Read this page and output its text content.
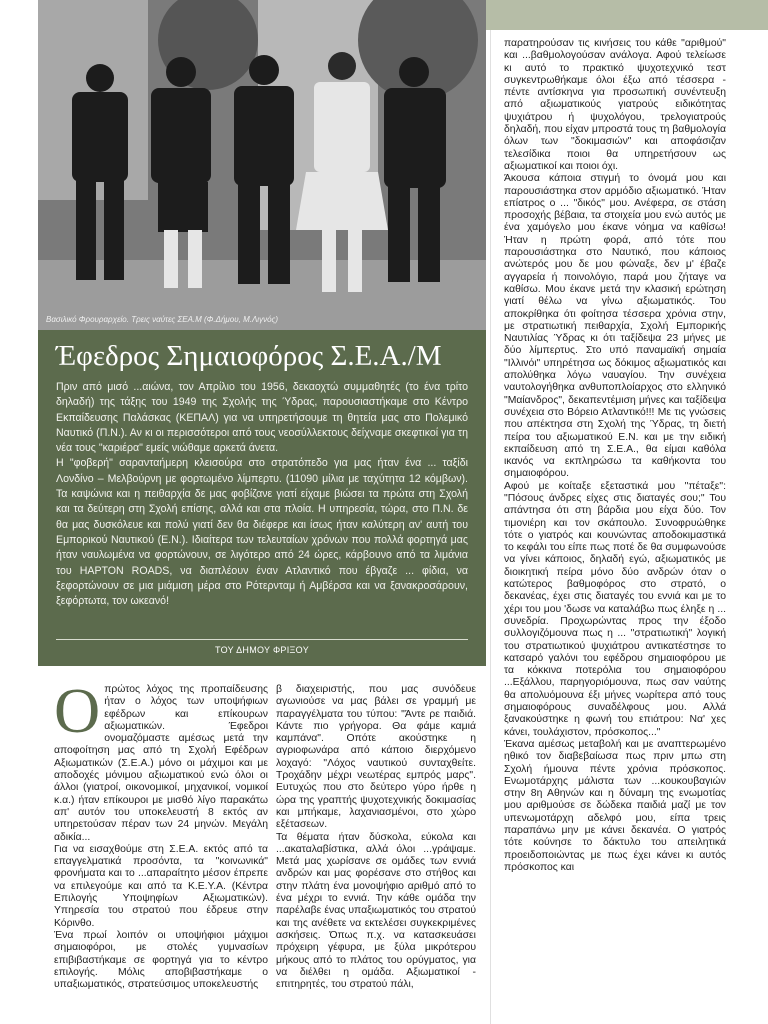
Βασιλικό Φρουραρχείο. Τρεις ναύτες ΣΕΑ.Μ (Φ.Δήμου, Μ.Λιγνός)
Έφεδρος Σημαιοφόρος Σ.Ε.Α./Μ

Πριν από μισό ...αιώνα, τον Απρίλιο του 1956, δεκαοχτώ συμμαθητές (το ένα τρίτο δηλαδή) της τάξης του 1949 της Σχολής της Ύδρας, παρουσιαστήκαμε στο Κέντρο Εκπαίδευσης Παλάσκας (ΚΕΠΑΛ) για να υπηρετήσουμε τη θητεία μας στο Πολεμικό Ναυτικό (Π.Ν.). Αν κι οι περισσότεροι από τους νεοσύλλεκτους δείχναμε σκεφτικοί για τη νέα τους "καριέρα" εμείς νιώθαμε αρκετά άνετα.

Η "φοβερή" σαρανταήμερη κλεισούρα στο στρατόπεδο για μας ήταν ένα ... ταξίδι Λονδίνο – Μελβούρνη με φορτωμένο λίμπερτυ. (11090 μίλια με ταχύτητα 12 κόμβων). Τα καψώνια και η πειθαρχία δε μας φοβίζανε γιατί είχαμε βιώσει τα πρώτα στη Σχολή και τα δεύτερη στη Σχολή επίσης, αλλά και στα πλοία. Η υπηρεσία, τώρα, στο Π.Ν. δε θα μας δυσκόλευε και πολύ γιατί δεν θα διέφερε και ίσως ήταν καλύτερη αν' αυτή του Εμπορικού Ναυτικού (Ε.Ν.). Ιδιαίτερα των τελευταίων χρόνων που πολλά φορτηγά μας ήταν ναυλωμένα να φορτώνουν, σε λιγότερο από 24 ώρες, κάρβουνο από τα λιμάνια του HAPTON ROADS, να διαπλέουν έναν Ατλαντικό που έβγαζε ... φίδια, να ξεφορτώνουν σε μια μιάμιση μέρα στο Ρότερνταμ ή Αμβέρσα και να ξανακροσάρουν, ξεφόρτωτα, τον ωκεανό!

ΤΟΥ ΔΗΜΟΥ ΦΡΙΞΟΥ
Ο πρώτος λόχος της προπαίδευσης ήταν ο λόχος των υποψήφιων εφέδρων και επίκουρων αξιωματικών. Έφεδροι ονομαζόμαστε αμέσως μετά την αποφοίτηση μας από τη Σχολή Εφέδρων Αξιωματικών (Σ.Ε.Α.) μόνο οι μάχιμοι και με αποδοχές μόνιμου αξιωματικού ενώ όλοι οι άλλοι (γιατροί, οικονομικοί, μηχανικοί, νομικοί κ.α.) ήταν επίκουροι με μισθό λίγο παρακάτω απ' αυτόν του υποκελευστή 8 εκτός αν υπηρετούσαν πέραν των 24 μηνών. Μεγάλη αδικία...

Για να εισαχθούμε στη Σ.Ε.Α. εκτός από τα επαγγελματικά προσόντα, τα "κοινωνικά" φρονήματα και το ...απαραίτητο μέσον έπρεπε να επιλεγούμε και από τα Κ.Ε.Υ.Α. (Κέντρα Επιλογής Υποψηφίων Αξιωματικών). Υπηρεσία του στρατού που έδρευε στην Κόρινθο.

Ένα πρωί λοιπόν οι υποψήφιοι μάχιμοι σημαιοφόροι, με στολές γυμνασίων επιβιβαστήκαμε σε φορτηγά για το κέντρο επιλογής. Μόλις αποβιβαστήκαμε ο υπαξιωματικός, στρατεύσιμος υποκελευστής

β διαχειριστής, που μας συνόδευε αγωνιούσε να μας βάλει σε γραμμή με παραγγέλματα του τύπου: "Άντε ρε παιδιά. Κάντε πιο γρήγορα. Θα φάμε καμιά καμπάνα". Οπότε ακούστηκε η αγριοφωνάρα από κάποιο διερχόμενο λοχαγό: "Λόχος ναυτικού συνταχθείτε. Τροχάδην μέχρι νεωτέρας εμπρός μαρς". Ευτυχώς που στο δεύτερο γύρο ήρθε η ώρα της γραπτής ψυχοτεχνικής δοκιμασίας και μπήκαμε, λαχανιασμένοι, στο χώρο εξέτασεων.

Τα θέματα ήταν δύσκολα, εύκολα και ...ακαταλαβίστικα, αλλά όλοι ...γράψαμε. Μετά μας χωρίσανε σε ομάδες των εννιά ανδρών και μας φορέσανε στο στήθος και στην πλάτη ένα μονοψήφιο αριθμό από το ένα μέχρι το εννιά. Την κάθε ομάδα την παρέλαβε ένας υπαξιωματικός του στρατού και της ανέθετε να εκτελέσει συγκεκριμένες ασκήσεις. Όπως π.χ. να κατασκευάσει πρόχειρη γέφυρα, με ξύλα μικρότερου μήκους από το πλάτος του ορύγματος, για να διέλθει η ομάδα. Αξιωματικοί - επιτηρητές, του στρατού πάλι,

παρατηρούσαν τις κινήσεις του κάθε "αριθμού" και ...βαθμολογούσαν ανάλογα. Αφού τελείωσε κι αυτό το πρακτικό ψυχοτεχνικό τεστ συγκεντρωθήκαμε όλοι έξω από τέσσερα - πέντε αντίσκηνα για προσωπική συνέντευξη από αξιωματικούς γιατρούς ειδικότητας ψυχιάτρου ή ψυχολόγου, τρελογιατρούς δηλαδή, που είχαν μπροστά τους τη βαθμολογία όλων των "δοκιμασιών" και αποφάσιζαν τελεσίδικα ποιοι θα υπηρετήσουν ως αξιωματικοί και ποιοι όχι.

Άκουσα κάποια στιγμή το όνομά μου και παρουσιάστηκα στον αρμόδιο αξιωματικό. Ήταν επίατρος ο ... "δικός" μου. Ανέφερα, σε στάση προσοχής βέβαια, τα στοιχεία μου ενώ αυτός με ένα χαμόγελο μου έκανε νόημα να καθίσω! Ήταν η πρώτη φορά, από τότε που παρουσιάστηκα στο Ναυτικό, που κάποιος ανώτερός μου δε μου φώναξε, δεν μ' έβαζε αγγαρεία ή ποινολόγιο, παρά μου ζήταγε να καθίσω. Μου έκανε μετά την κλασική ερώτηση γιατί θέλω να γίνω αξιωματικός. Του αποκρίθηκα ότι φοίτησα τέσσερα χρόνια στην, με στρατιωτική πειθαρχία, Σχολή Εμπορικής Ναυτιλίας Ύδρας κι ότι ταξίδεψα 23 μήνες με δύο λίμπερτυς. Στο υπό παναμαϊκή σημαία "Ιλλινόι" υπηρέτησα ως δόκιμος αξιωματικός και απολύθηκα λόγω ναυαγίου. Την συνέχεια ναυτολογήθηκα ανθυποπλοίαρχος στο ελληνικό "Μαίανδρος", δεκαπεντέμιση μήνες και ταξίδεψα συνέχεια στο Βόρειο Ατλαντικό!!! Με τις γνώσεις που απέκτησα στη Σχολή της Ύδρας, τη διετή πείρα του αξιωματικού Ε.Ν. και με την ειδική εκπαίδευση από τη Σ.Ε.Α., θα είμαι καθόλα ικανός να εκπληρώσω τα καθήκοντα του σημαιοφόρου.

Αφού με κοίταξε εξεταστικά μου "πέταξε": "Πόσους άνδρες είχες στις διαταγές σου;" Του απάντησα ότι στη βάρδια μου είχα δύο. Τον τιμονιέρη και τον σκάπουλο. Συνοφρυώθηκε τότε ο γιατρός και κουνώντας αποδοκιμαστικά το κεφάλι του είπε πως ποτέ δε θα συμφωνούσε να γίνει κάποιος, δηλαδή εγώ, αξιωματικός με διοικητική πείρα μόνο δύο ανδρών όταν ο κατώτερος βαθμοφόρος στο στρατό, ο δεκανέας, έχει στις διαταγές του εννιά και με το χέρι του μου 'δωσε να καταλάβω πως έληξε η ... συνεδρία. Προχωρώντας προς την έξοδο συλλογιζόμουνα πως η ... "στρατιωτική" λογική του στρατιωτικού ψυχιάτρου αντικατέστησε το κατσαρό γαλόνι του εφέδρου σημαιοφόρου με τα κόκκινα ποτερόλια του σημαιοφόρου ...Εξάλλου, παρηγοριόμουνα, πως σαν ναύτης θα απολυόμουνα έξι μήνες νωρίτερα από τους σημαιοφόρους συναδέλφους μου. Αλλά ξανακούστηκε η φωνή του επιάτρου: Να' χες κάνει, τουλάχιστον, πρόσκοπος..."

Έκανα αμέσως μεταβολή και με αναπτερωμένο ηθικό τον διαβεβαίωσα πως πριν μπω στη Σχολή ήμουνα πέντε χρόνια πρόσκοπος. Ενωμοτάρχης μάλιστα των ...κουκουβαγιών στην 8η Αθηνών και η δύναμη της ενωμοτίας μου αριθμούσε σε δώδεκα παιδιά μαζί με τον υπενωμοτάρχη αδελφό μου, είπα τρεις παραπάνω μην με κάνει δεκανέα. Ο γιατρός τότε κούνησε το δάκτυλο του απειλητικά προειδοποιώντας με πως έχει κάνει κι αυτός πρόσκοπος και
